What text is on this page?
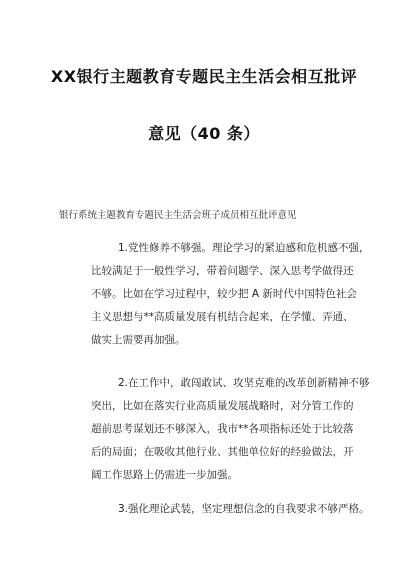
XX银行主题教育专题民主生活会相互批评
意见（40 条）
银行系统主题教育专题民主生活会班子成员相互批评意见
1.党性修养不够强。理论学习的紧迫感和危机感不强，
比较满足于一般性学习，带着问题学、深入思考学做得还
不够。比如在学习过程中，较少把 A 新时代中国特色社会
主义思想与**高质量发展有机结合起来，在学懂、弄通、
做实上需要再加强。
2.在工作中，敢闯敢试、攻坚克难的改革创新精神不够
突出，比如在落实行业高质量发展战略时，对分管工作的
超前思考谋划还不够深入，我市**各项指标还处于比较落
后的局面；在吸收其他行业、其他单位好的经验做法，开
阔工作思路上仍需进一步加强。
3.强化理论武装，坚定理想信念的自我要求不够严格。
